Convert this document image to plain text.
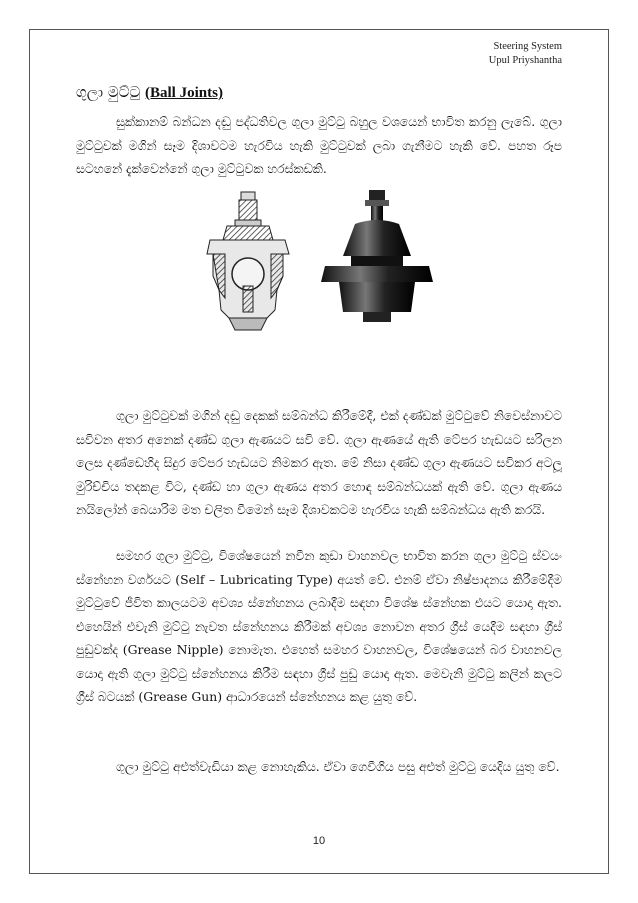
Steering System
Upul Priyshantha
ගුලා මුට්ටු (Ball Joints)

සුක්කානම් බන්ධන දඬු පද්ධතිවල ගුලා මුට්ටු බහුල වශයෙන් භාවිත කරනු ලැබේ. ගුලා මුට්ටුවක් මගින් සෑම දිශාවටම හැරවිය හැකි මුට්ටුවක් ලබා ගැනීමට හැකි වේ. පහත රූප සටහනේ දැක්වෙන්නේ ගුලා මුට්ටුවක හරස්කඩකි.

ගුලා මුට්ටුවක් මගින් දඬු දෙකක් සම්බන්ධ කිරීමේදී, එක් දණ්ඩක් මුට්ටුවේ නිවෙස්නාවට සවිවන අතර අනෙක් දණ්ඩ ගුලා ඇණයට සවි වේ. ගුලා ඇණයේ ඇති ටේපර හැඩයට සරිලන ලෙස දණ්ඩෙහිද සිදුර ටේපර හැඩයට නිමකර ඇත. මේ නිසා දණ්ඩ ගුලා ඇණයට සවිකර අටලූ මුරිච්චිය තදකළ විට, දණ්ඩ හා ගුලා ඇණය අතර හොඳ සම්බන්ධයක් ඇති වේ. ගුලා ඇණය නයිලෝන් බෙයාරිම මත චලිත වීමෙන් සෑම දිශාවකටම හැරවිය හැකි සම්බන්ධය ඇති කරයි.

සමහර ගුලා මුට්ටු, විශේෂයෙන් නවීන කුඩා වාහනවල භාවිත කරන ගුලා මුට්ටු ස්වයං ස්නේහන වර්ගයට (Self – Lubricating Type) අයත් වේ. එනම් ඒවා නිෂ්පාදනය කිරීමේදීම මුට්ටුවේ ජීවිත කාලයටම අවශ්‍ය ස්නේහනය ලබාදීම සඳහා විශේෂ ස්නේහක එයට යොදා ඇත. එහෙයින් එවැනි මුට්ටු නැවත ස්නේහනය කිරීමක් අවශ්‍ය නොවන අතර ග්‍රීස් යෙදීම සඳහා ග්‍රීස් පුඩුවක්ද (Grease Nipple) නොමැත. එහෙත් සමහර වාහනවල, විශේෂයෙන් බර වාහනවල යොදා ඇති ගුලා මුට්ටු ස්නේහනය කිරීම සඳහා ග්‍රීස් පුඩු යොදා ඇත. මෙවැනි මුට්ටු කලින් කලට ග්‍රීස් බටයක් (Grease Gun) ආධාරයෙන් ස්නේහනය කළ යුතු වේ.

ගුලා මුට්ටු අළුත්වැඩියා කළ නොහැකිය. ඒවා ගෙවීගිය පසු අළුත් මුට්ටු යෙදිය යුතු වේ.

10
